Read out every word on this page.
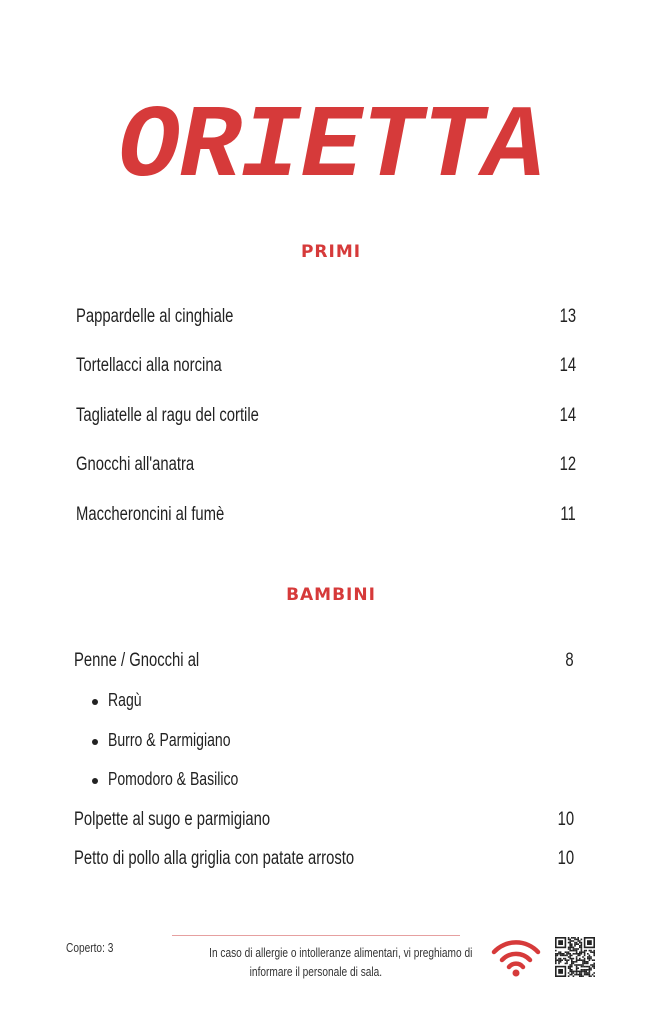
ORIETTA
PRIMI
Pappardelle al cinghiale	13
Tortellacci alla norcina	14
Tagliatelle al ragu del cortile	14
Gnocchi all'anatra	12
Maccheroncini al fumè	11
BAMBINI
Penne / Gnocchi al	8
Ragù
Burro & Parmigiano
Pomodoro & Basilico
Polpette al sugo e parmigiano	10
Petto di pollo alla griglia con patate arrosto	10
Coperto: 3	In caso di allergie o intolleranze alimentari, vi preghiamo di
informare il personale di sala.
